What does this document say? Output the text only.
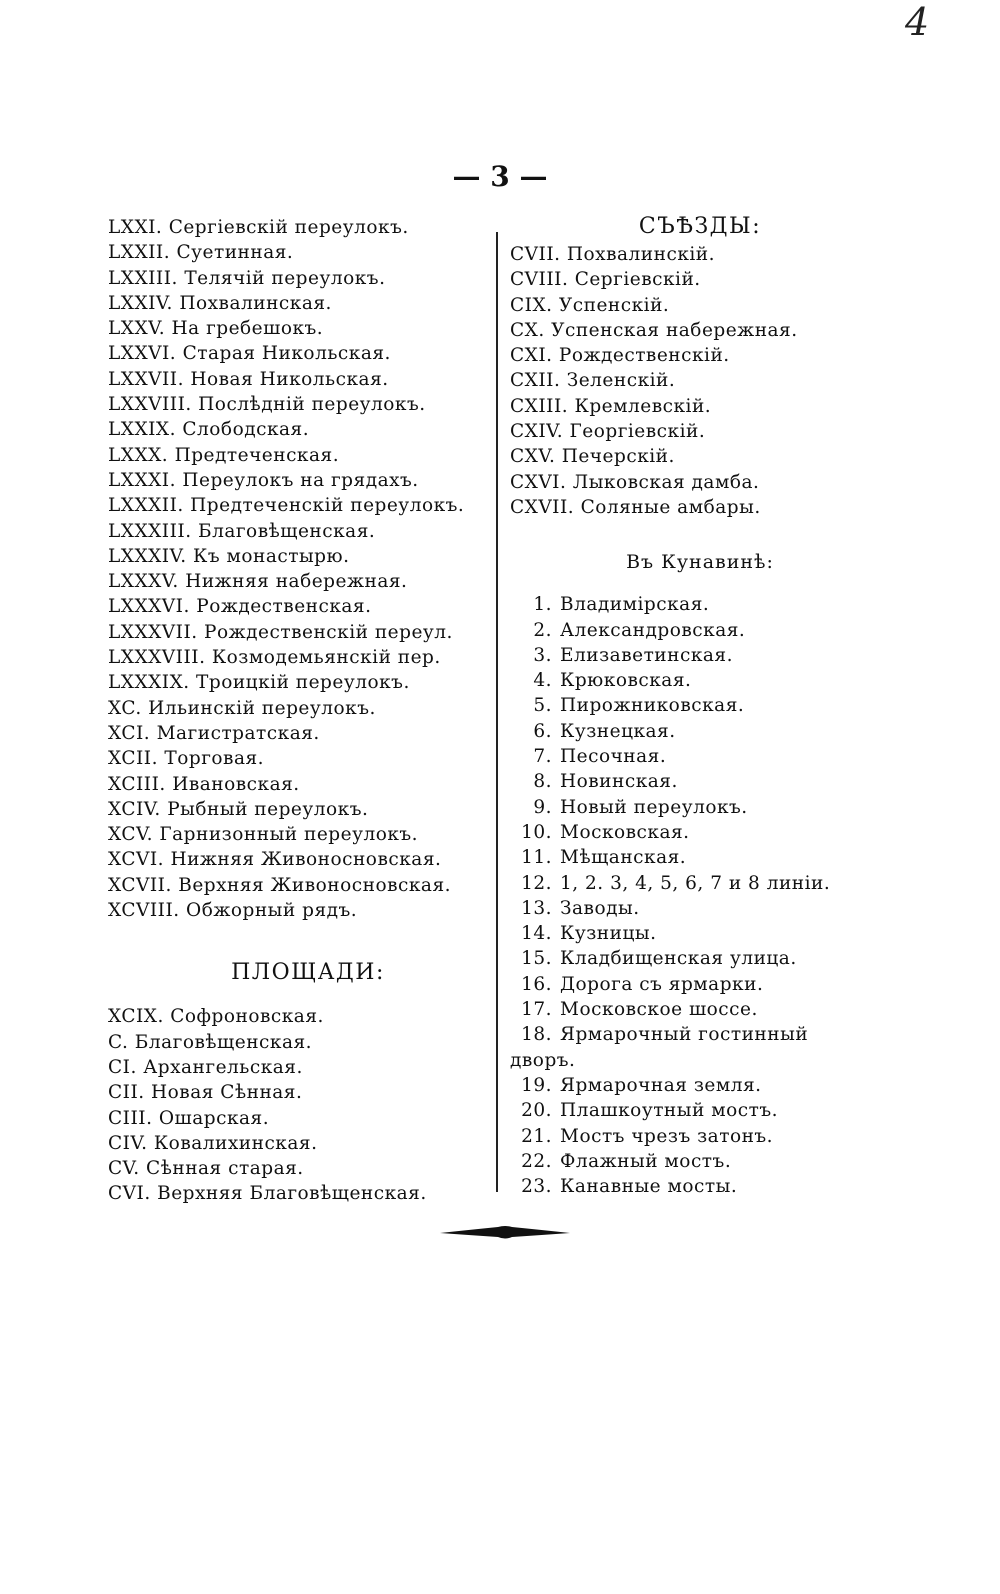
4
— 3 —
LXXI. Сергіевскій переулокъ.
LXXII. Суетинная.
LXXIII. Телячій переулокъ.
LXXIV. Похвалинская.
LXXV. На гребешокъ.
LXXVI. Старая Никольская.
LXXVII. Новая Никольская.
LXXVIII. Послѣдній переулокъ.
LXXIX. Слободская.
LXXX. Предтеченская.
LXXXI. Переулокъ на грядахъ.
LXXXII. Предтеченскій переулокъ.
LXXXIII. Благовѣщенская.
LXXXIV. Къ монастырю.
LXXXV. Нижняя набережная.
LXXXVI. Рождественская.
LXXXVII. Рождественскій переул.
LXXXVIII. Козмодемьянскій пер.
LXXXIX. Троицкій переулокъ.
XC. Ильинскій переулокъ.
XCI. Магистратская.
XCII. Торговая.
XCIII. Ивановская.
XCIV. Рыбный переулокъ.
XCV. Гарнизонный переулокъ.
XCVI. Нижняя Живоносновская.
XCVII. Верхняя Живоносновская.
XCVIII. Обжорный рядъ.
ПЛОЩАДИ:
XCIX. Софроновская.
C. Благовѣщенская.
CI. Архангельская.
CII. Новая Сѣнная.
CIII. Ошарская.
CIV. Ковалихинская.
CV. Сѣнная старая.
CVI. Верхняя Благовѣщенская.
СЪѢЗДЫ:
CVII. Похвалинскій.
CVIII. Сергіевскій.
CIX. Успенскій.
CX. Успенская набережная.
CXI. Рождественскій.
CXII. Зеленскій.
CXIII. Кремлевскій.
CXIV. Георгіевскій.
CXV. Печерскій.
CXVI. Лыковская дамба.
CXVII. Соляные амбары.
Въ Кунавинѣ:
1. Владимірская.
2. Александровская.
3. Елизаветинская.
4. Крюковская.
5. Пирожниковская.
6. Кузнецкая.
7. Песочная.
8. Новинская.
9. Новый переулокъ.
10. Московская.
11. Мѣщанская.
12. 1, 2. 3, 4, 5, 6, 7 и 8 линіи.
13. Заводы.
14. Кузницы.
15. Кладбищенская улица.
16. Дорога съ ярмарки.
17. Московское шоссе.
18. Ярмарочный гостинный
дворъ.
19. Ярмарочная земля.
20. Плашкоутный мостъ.
21. Мостъ чрезъ затонъ.
22. Флажный мостъ.
23. Канавные мосты.
